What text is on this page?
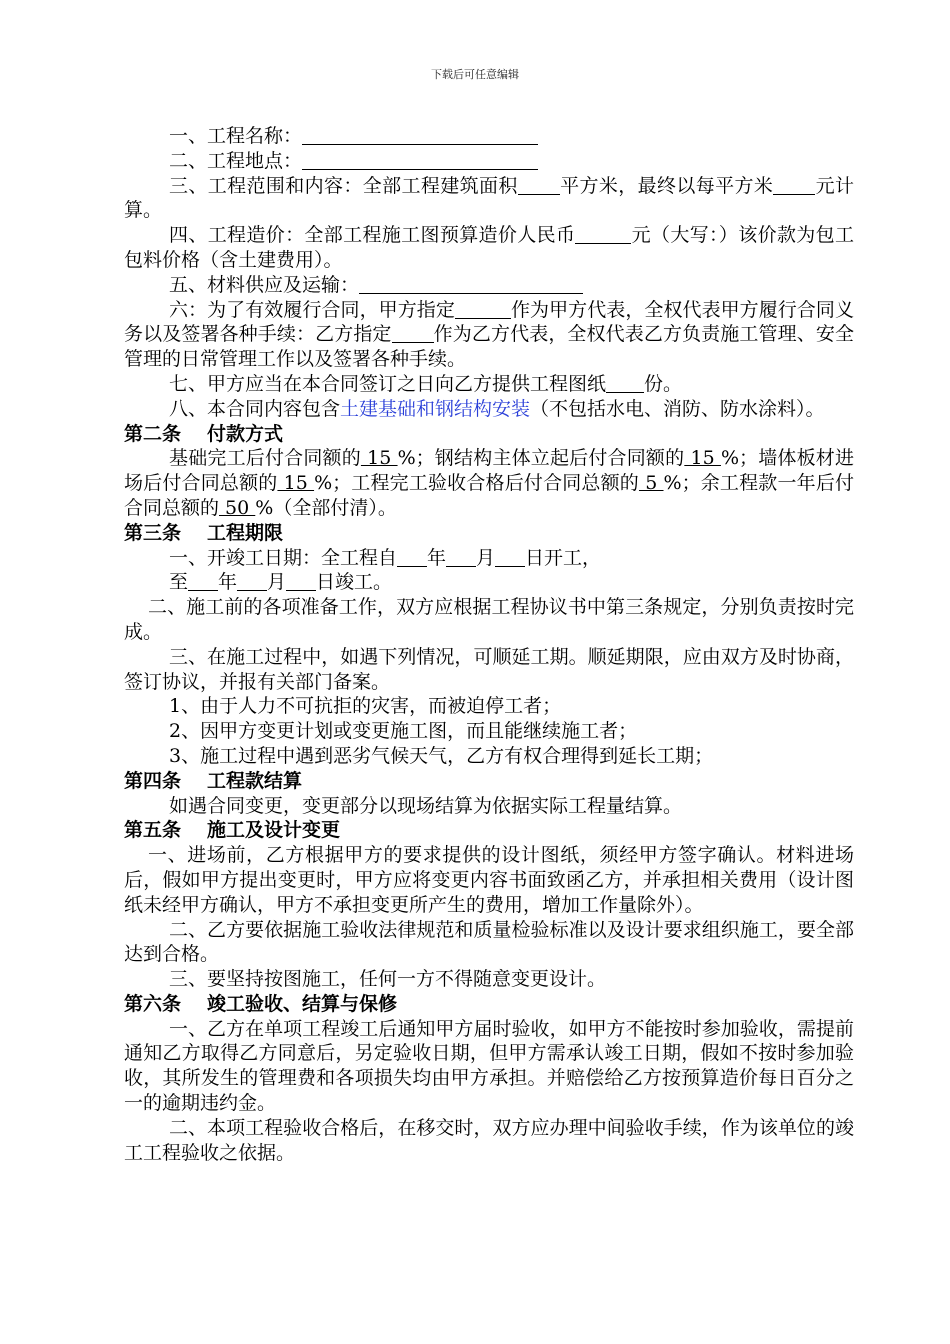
下载后可任意编辑

一、工程名称：

二、工程地点：

三、工程范围和内容：全部工程建筑面积 平方米，最终以每平方米 元计算。

四、工程造价：全部工程施工图预算造价人民币	元（大写：）该价款为包工包料价格（含土建费用）。

五、材料供应及运输：

六：为了有效履行合同，甲方指定	作为甲方代表，全权代表甲方履行合同义务以及签署各种手续：乙方指定 作为乙方代表，全权代表乙方负责施工管理、安全管理的日常管理工作以及签署各种手续。

七、甲方应当在本合同签订之日向乙方提供工程图纸 份。

八、本合同内容包含土建基础和钢结构安装（不包括水电、消防、防水涂料）。

第二条 付款方式

基础完工后付合同额的 15 %；钢结构主体立起后付合同额的 15 %；墙体板材进场后付合同总额的 15 %；工程完工验收合格后付合同总额的 5 %；余工程款一年后付合同总额的 50 %（全部付清）。

第三条 工程期限

一、开竣工日期：全工程自 年 月 日开工，

至 年 月 日竣工。

二、施工前的各项准备工作，双方应根据工程协议书中第三条规定，分别负责按时完成。

三、在施工过程中，如遇下列情况，可顺延工期。顺延期限，应由双方及时协商，签订协议，并报有关部门备案。

1、由于人力不可抗拒的灾害，而被迫停工者；

2、因甲方变更计划或变更施工图，而且能继续施工者；

3、施工过程中遇到恶劣气候天气，乙方有权合理得到延长工期；

第四条 工程款结算

如遇合同变更，变更部分以现场结算为依据实际工程量结算。

第五条 施工及设计变更

一、进场前，乙方根据甲方的要求提供的设计图纸，须经甲方签字确认。材料进场后，假如甲方提出变更时，甲方应将变更内容书面致函乙方，并承担相关费用（设计图纸未经甲方确认，甲方不承担变更所产生的费用，增加工作量除外）。

二、乙方要依据施工验收法律规范和质量检验标准以及设计要求组织施工，要全部达到合格。

三、要坚持按图施工，任何一方不得随意变更设计。

第六条 竣工验收、结算与保修

一、乙方在单项工程竣工后通知甲方届时验收，如甲方不能按时参加验收，需提前通知乙方取得乙方同意后，另定验收日期，但甲方需承认竣工日期，假如不按时参加验收，其所发生的管理费和各项损失均由甲方承担。并赔偿给乙方按预算造价每日百分之一的逾期违约金。

二、本项工程验收合格后，在移交时，双方应办理中间验收手续，作为该单位的竣工工程验收之依据。
